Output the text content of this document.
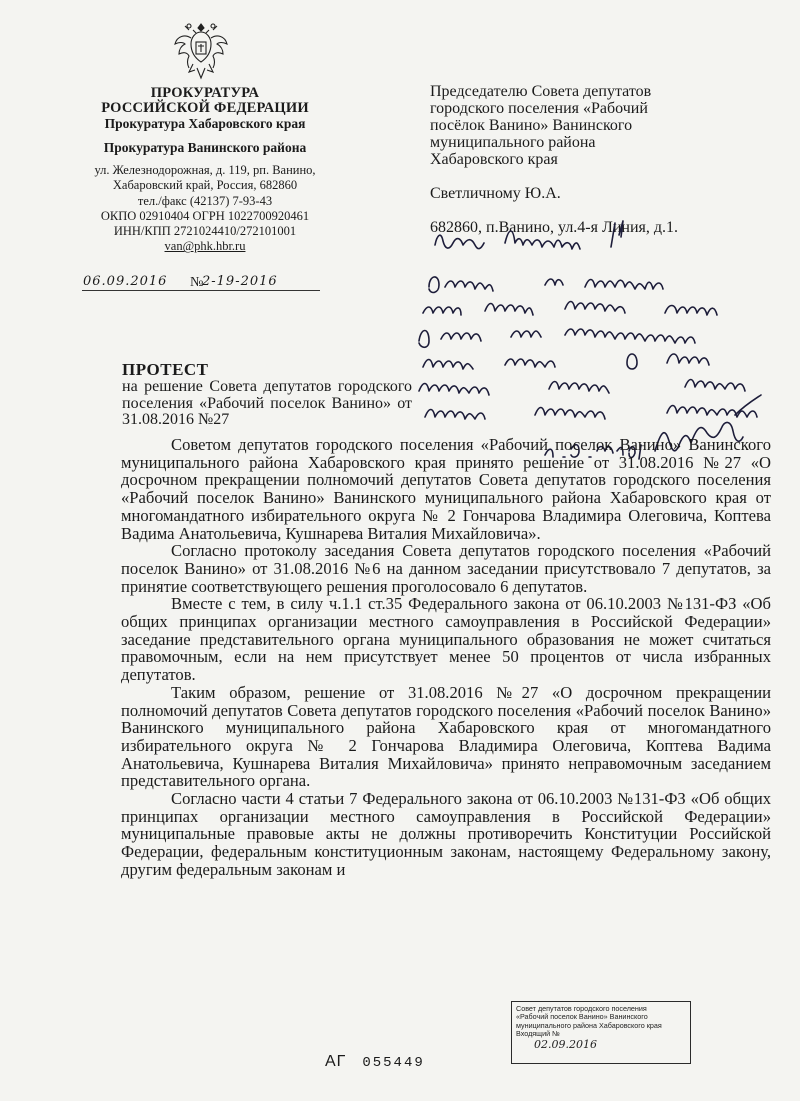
ПРОКУРАТУРА
РОССИЙСКОЙ ФЕДЕРАЦИИ
Прокуратура Хабаровского края
Прокуратура Ванинского района
ул. Железнодорожная, д. 119, рп. Ванино,
Хабаровский край, Россия, 682860
тел./факс (42137) 7-93-43
ОКПО 02910404 ОГРН 1022700920461
ИНН/КПП 2721024410/272101001
van@phk.hbr.ru
№
06.09.2016	2-19-2016
Председателю Совета депутатов
городского поселения «Рабочий
посёлок Ванино» Ванинского
муниципального района
Хабаровского края
Светличному Ю.А.
682860, п.Ванино, ул.4-я Линия, д.1.
ПРОТЕСТ
на решение Совета депутатов городского поселения «Рабочий поселок Ванино» от 31.08.2016 №27

Советом депутатов городского поселения «Рабочий поселок Ванино» Ванинского муниципального района Хабаровского края принято решение от 31.08.2016 №27 «О досрочном прекращении полномочий депутатов Совета депутатов городского поселения «Рабочий поселок Ванино» Ванинского муниципального района Хабаровского края от многомандатного избирательного округа № 2 Гончарова Владимира Олеговича, Коптева Вадима Анатольевича, Кушнарева Виталия Михайловича».

Согласно протоколу заседания Совета депутатов городского поселения «Рабочий поселок Ванино» от 31.08.2016 №6 на данном заседании присутствовало 7 депутатов, за принятие соответствующего решения проголосовало 6 депутатов.

Вместе с тем, в силу ч.1.1 ст.35 Федерального закона от 06.10.2003 №131-ФЗ «Об общих принципах организации местного самоуправления в Российской Федерации» заседание представительного органа муниципального образования не может считаться правомочным, если на нем присутствует менее 50 процентов от числа избранных депутатов.

Таким образом, решение от 31.08.2016 №27 «О досрочном прекращении полномочий депутатов Совета депутатов городского поселения «Рабочий поселок Ванино» Ванинского муниципального района Хабаровского края от многомандатного избирательного округа № 2 Гончарова Владимира Олеговича, Коптева Вадима Анатольевича, Кушнарева Виталия Михайловича» принято неправомочным заседанием представительного органа.

Согласно части 4 статьи 7 Федерального закона от 06.10.2003 №131-ФЗ «Об общих принципах организации местного самоуправления в Российской Федерации» муниципальные правовые акты не должны противоречить Конституции Российской Федерации, федеральным конституционным законам, настоящему Федеральному закону, другим федеральным законам и

АГ 055449
Совет депутатов городского поселения
«Рабочий поселок Ванино» Ванинского
муниципального района Хабаровского края
Входящий №
02.09.2016
